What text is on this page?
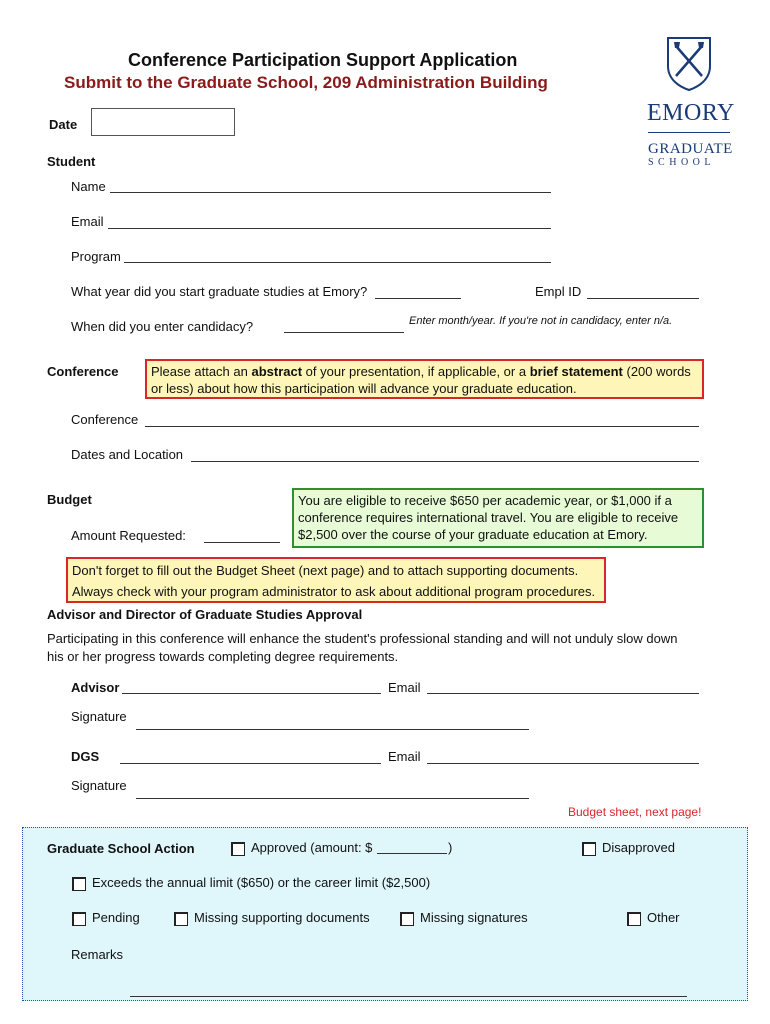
Conference Participation Support Application
Submit to the Graduate School, 209 Administration Building
EMORY
GRADUATE
S C H O O L
Date
Student
Name
Email
Program
What year did you start graduate studies at Emory?	Empl ID
When did you enter candidacy?	Enter month/year. If you're not in candidacy, enter n/a.
Conference	Please attach an abstract of your presentation, if applicable, or a brief statement (200 words or less) about how this participation will advance your graduate education.
Conference
Dates and Location
Budget
Amount Requested:
You are eligible to receive $650 per academic year, or $1,000 if a conference requires international travel. You are eligible to receive $2,500 over the course of your graduate education at Emory.
Don't forget to fill out the Budget Sheet (next page) and to attach supporting documents.
Always check with your program administrator to ask about additional program procedures.
Advisor and Director of Graduate Studies Approval
Participating in this conference will enhance the student's professional standing and will not unduly slow down his or her progress towards completing degree requirements.
Advisor	Email
Signature
DGS	Email
Signature
Budget sheet, next page!
Graduate School Action	Approved (amount: $	)	Disapproved
Exceeds the annual limit ($650) or the career limit ($2,500)
Pending	Missing supporting documents	Missing signatures	Other
Remarks
